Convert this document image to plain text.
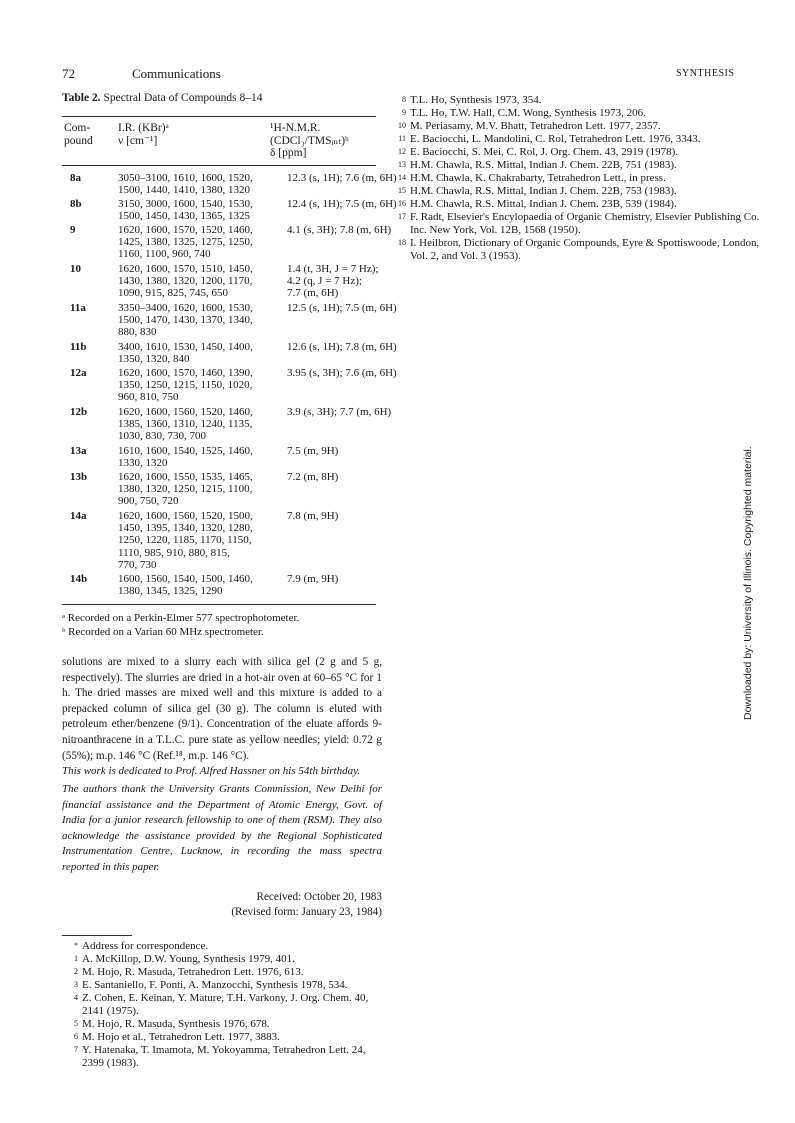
72	Communications	SYNTHESIS
Table 2. Spectral Data of Compounds 8–14
Com-
pound
I.R. (KBr)ᵃ
ν [cm⁻¹]
¹H-N.M.R.
(CDCl₃/TMSᵢₙₜ)ᵇ
δ [ppm]
8a	3050–3100, 1610, 1600, 1520,
1500, 1440, 1410, 1380, 1320
12.3 (s, 1H); 7.6 (m, 6H)
8b	3150, 3000, 1600, 1540, 1530,
1500, 1450, 1430, 1365, 1325
12.4 (s, 1H); 7.5 (m, 6H)
9	1620, 1600, 1570, 1520, 1460,
1425, 1380, 1325, 1275, 1250,
1160, 1100, 960, 740
4.1 (s, 3H); 7.8 (m, 6H)
10	1620, 1600, 1570, 1510, 1450,
1430, 1380, 1320, 1200, 1170,
1090, 915, 825, 745, 650
1.4 (t, 3H, J = 7 Hz);
4.2 (q, J = 7 Hz);
7.7 (m, 6H)
11a	3350–3400, 1620, 1600, 1530,
1500, 1470, 1430, 1370, 1340,
880, 830
12.5 (s, 1H); 7.5 (m, 6H)
11b	3400, 1610, 1530, 1450, 1400,
1350, 1320, 840
12.6 (s, 1H); 7.8 (m, 6H)
12a	1620, 1600, 1570, 1460, 1390,
1350, 1250, 1215, 1150, 1020,
960, 810, 750
3.95 (s, 3H); 7.6 (m, 6H)
12b	1620, 1600, 1560, 1520, 1460,
1385, 1360, 1310, 1240, 1135,
1030, 830, 730, 700
3.9 (s, 3H); 7.7 (m, 6H)
13a	1610, 1600, 1540, 1525, 1460,
1330, 1320
7.5 (m, 9H)
13b	1620, 1600, 1550, 1535, 1465,
1380, 1320, 1250, 1215, 1100,
900, 750, 720
7.2 (m, 8H)
14a	1620, 1600, 1560, 1520, 1500,
1450, 1395, 1340, 1320, 1280,
1250, 1220, 1185, 1170, 1150,
1110, 985, 910, 880, 815,
770, 730
7.8 (m, 9H)
14b	1600, 1560, 1540, 1500, 1460,
1380, 1345, 1325, 1290
7.9 (m, 9H)
ᵃ Recorded on a Perkin-Elmer 577 spectrophotometer.
ᵇ Recorded on a Varian 60 MHz spectrometer.
solutions are mixed to a slurry each with silica gel (2 g and 5 g, respectively). The slurries are dried in a hot-air oven at 60–65 °C for 1 h. The dried masses are mixed well and this mixture is added to a prepacked column of silica gel (30 g). The column is eluted with petroleum ether/benzene (9/1). Concentration of the eluate affords 9-nitroanthracene in a T.L.C. pure state as yellow needles; yield: 0.72 g (55%); m.p. 146 °C (Ref.¹⁸, m.p. 146 °C).
This work is dedicated to Prof. Alfred Hassner on his 54th birthday.
The authors thank the University Grants Commission, New Delhi for financial assistance and the Department of Atomic Energy, Govt. of India for a junior research fellowship to one of them (RSM). They also acknowledge the assistance provided by the Regional Sophisticated Instrumentation Centre, Lucknow, in recording the mass spectra reported in this paper.
Received: October 20, 1983
(Revised form: January 23, 1984)
* Address for correspondence.
1 A. McKillop, D.W. Young, Synthesis 1979, 401.
2 M. Hojo, R. Masuda, Tetrahedron Lett. 1976, 613.
3 E. Santaniello, F. Ponti, A. Manzocchi, Synthesis 1978, 534.
4 Z. Cohen, E. Keinan, Y. Mature, T.H. Varkony, J. Org. Chem. 40, 2141 (1975).
5 M. Hojo, R. Masuda, Synthesis 1976, 678.
6 M. Hojo et al., Tetrahedron Lett. 1977, 3883.
7 Y. Hatenaka, T. Imamota, M. Yokoyamma, Tetrahedron Lett. 24, 2399 (1983).
8 T.L. Ho, Synthesis 1973, 354.
9 T.L. Ho, T.W. Hall, C.M. Wong, Synthesis 1973, 206.
10 M. Periasamy, M.V. Bhatt, Tetrahedron Lett. 1977, 2357.
11 E. Baciocchi, L. Mandolini, C. Rol, Tetrahedron Lett. 1976, 3343.
12 E. Baciocchi, S. Mei, C. Rol, J. Org. Chem. 43, 2919 (1978).
13 H.M. Chawla, R.S. Mittal, Indian J. Chem. 22B, 751 (1983).
14 H.M. Chawla, K. Chakrabarty, Tetrahedron Lett., in press.
15 H.M. Chawla, R.S. Mittal, Indian J. Chem. 22B, 753 (1983).
16 H.M. Chawla, R.S. Mittal, Indian J. Chem. 23B, 539 (1984).
17 F. Radt, Elsevier's Encylopaedia of Organic Chemistry, Elsevier Publishing Co. Inc. New York, Vol. 12B, 1568 (1950).
18 I. Heilbron, Dictionary of Organic Compounds, Eyre & Spottiswoode, London, Vol. 2, and Vol. 3 (1953).
Downloaded by: University of Illinois. Copyrighted material.
